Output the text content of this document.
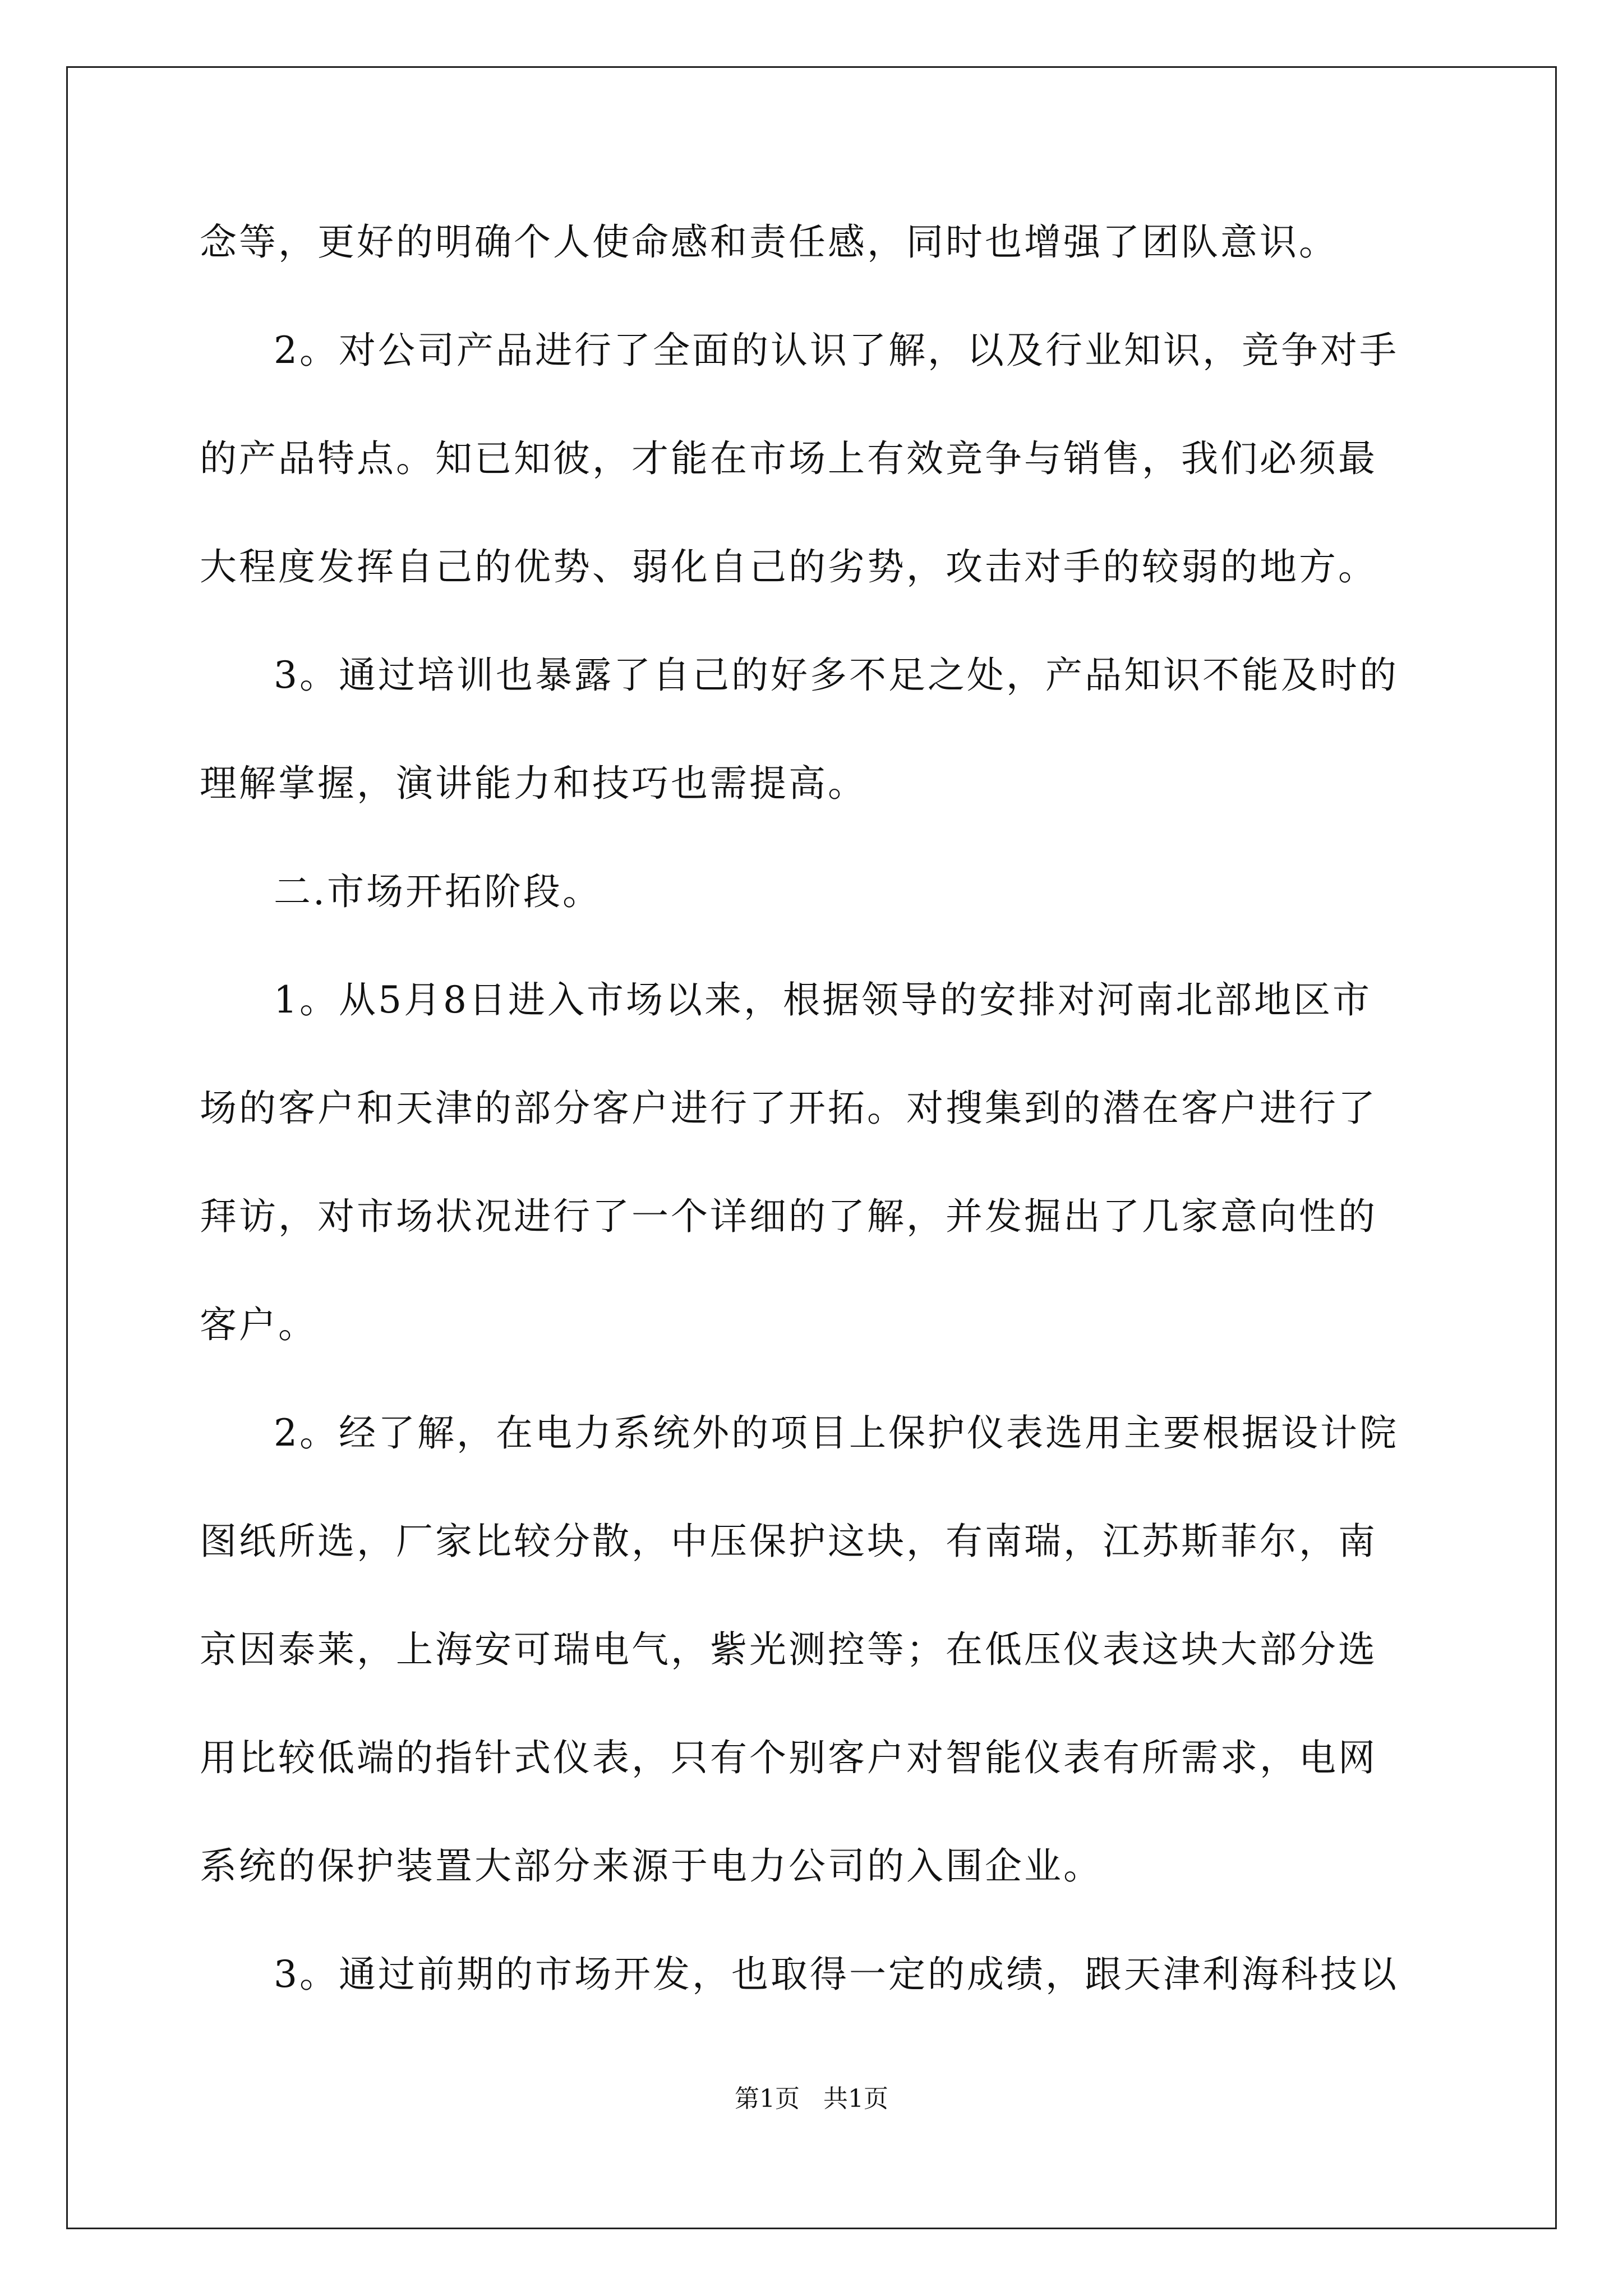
念等，更好的明确个人使命感和责任感，同时也增强了团队意识。
2。对公司产品进行了全面的认识了解，以及行业知识，竞争对手
的产品特点。知已知彼，才能在市场上有效竞争与销售，我们必须最
大程度发挥自己的优势、弱化自己的劣势，攻击对手的较弱的地方。
3。通过培训也暴露了自己的好多不足之处，产品知识不能及时的
理解掌握，演讲能力和技巧也需提高。
二.市场开拓阶段。
1。从5月8日进入市场以来，根据领导的安排对河南北部地区市
场的客户和天津的部分客户进行了开拓。对搜集到的潜在客户进行了
拜访，对市场状况进行了一个详细的了解，并发掘出了几家意向性的
客户。
2。经了解，在电力系统外的项目上保护仪表选用主要根据设计院
图纸所选，厂家比较分散，中压保护这块，有南瑞，江苏斯菲尔，南
京因泰莱，上海安可瑞电气，紫光测控等；在低压仪表这块大部分选
用比较低端的指针式仪表，只有个别客户对智能仪表有所需求，电网
系统的保护装置大部分来源于电力公司的入围企业。
3。通过前期的市场开发，也取得一定的成绩，跟天津利海科技以
第1页   共1页
